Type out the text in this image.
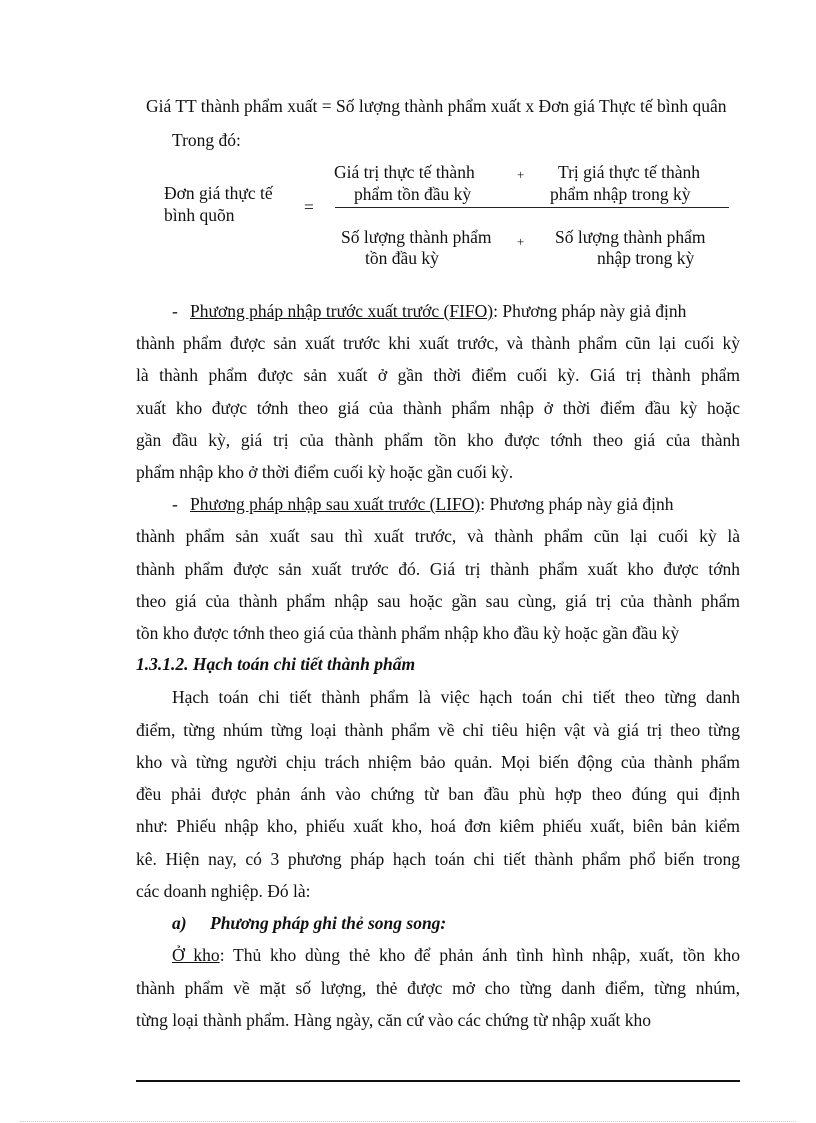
Giá TT thành phẩm xuất = Số lượng thành phẩm xuất x Đơn giá Thực tế bình quân
Trong đó:
Đơn giá thực tế
bình quõn	=
Giá trị thực tế thành
phẩm tồn đầu kỳ
+ Trị giá thực tế thành
phẩm nhập trong kỳ
Số lượng thành phẩm
tồn đầu kỳ
+ Số lượng thành phẩm
nhập trong kỳ
- Phương pháp nhập trước xuất trước (FIFO): Phương pháp này giả định
thành phẩm được sản xuất trước khi xuất trước, và thành phẩm cũn lại cuối kỳ
là thành phẩm được sản xuất ở gần thời điểm cuối kỳ. Giá trị thành phẩm
xuất kho được tớnh theo giá của thành phẩm nhập ở thời điểm đầu kỳ hoặc
gần đầu kỳ, giá trị của thành phẩm tồn kho được tớnh theo giá của thành
phẩm nhập kho ở thời điểm cuối kỳ hoặc gần cuối kỳ.
- Phương pháp nhập sau xuất trước (LIFO): Phương pháp này giả định
thành phẩm sản xuất sau thì xuất trước, và thành phẩm cũn lại cuối kỳ là
thành phẩm được sản xuất trước đó. Giá trị thành phẩm xuất kho được tớnh
theo giá của thành phẩm nhập sau hoặc gần sau cùng, giá trị của thành phẩm
tồn kho được tớnh theo giá của thành phẩm nhập kho đầu kỳ hoặc gần đầu kỳ
1.3.1.2. Hạch toán chi tiết thành phẩm
Hạch toán chi tiết thành phẩm là việc hạch toán chi tiết theo từng danh
điểm, từng nhúm từng loại thành phẩm về chỉ tiêu hiện vật và giá trị theo từng
kho và từng người chịu trách nhiệm bảo quản. Mọi biến động của thành phẩm
đều phải được phản ánh vào chứng từ ban đầu phù hợp theo đúng qui định
như: Phiếu nhập kho, phiếu xuất kho, hoá đơn kiêm phiếu xuất, biên bản kiểm
kê. Hiện nay, có 3 phương pháp hạch toán chi tiết thành phẩm phổ biến trong
các doanh nghiệp. Đó là:
a) Phương pháp ghi thẻ song song:
Ở kho: Thủ kho dùng thẻ kho để phản ánh tình hình nhập, xuất, tồn kho
thành phẩm về mặt số lượng, thẻ được mở cho từng danh điểm, từng nhúm,
từng loại thành phẩm. Hàng ngày, căn cứ vào các chứng từ nhập xuất kho
